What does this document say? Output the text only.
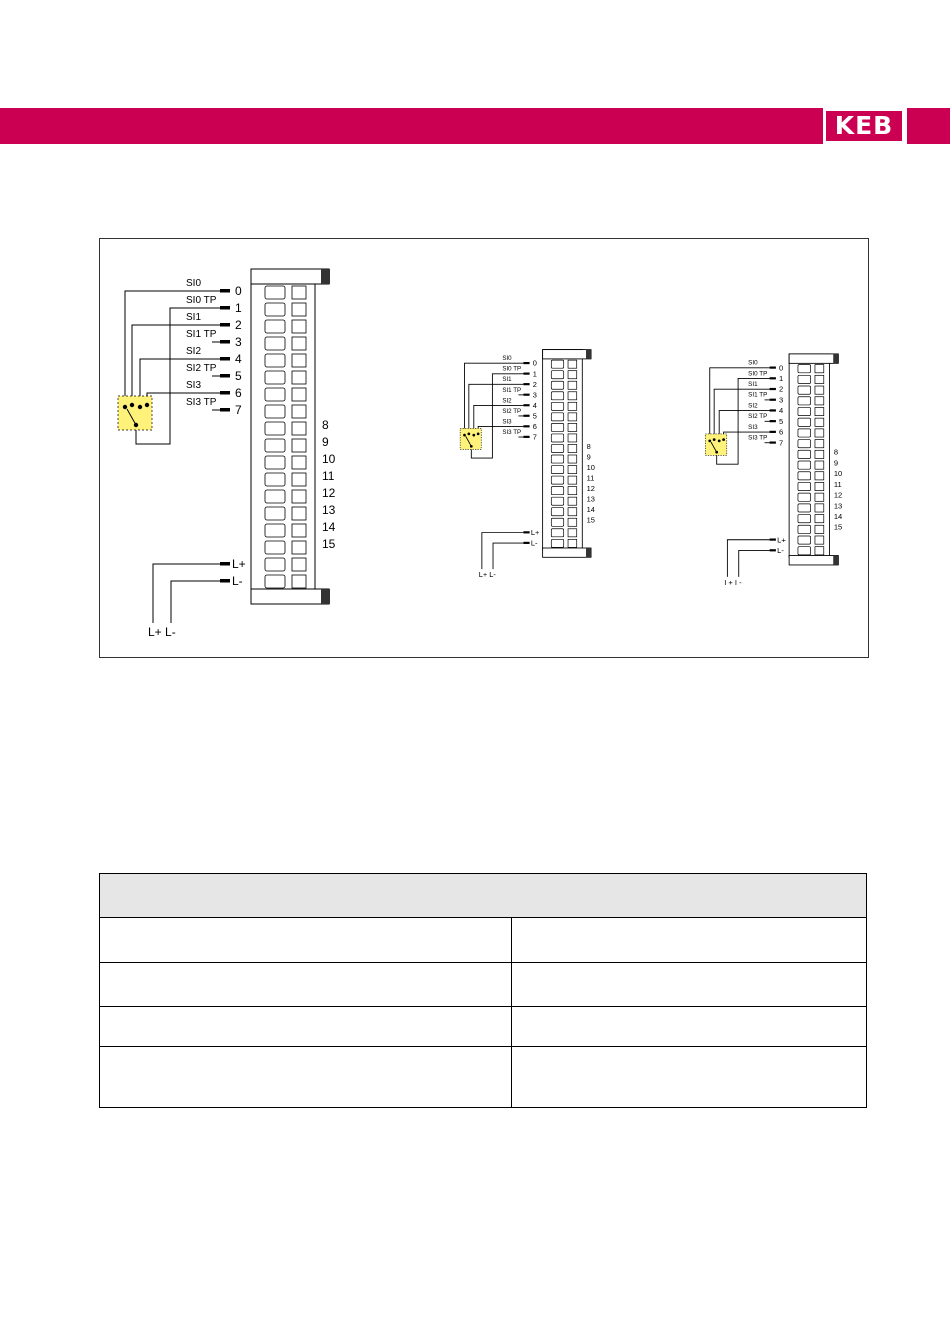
KEB
0
SI0
1
SI0 TP
2
SI1
3
SI1 TP
4
SI2
5
SI2 TP
6
SI3
7
SI3 TP
8
9
10
11
12
13
14
15
L+
L-
L+ L-
0
SI0
1
SI0 TP
2
SI1
3
SI1 TP
4
SI2
5
SI2 TP
6
SI3
7
SI3 TP
8
9
10
11
12
13
14
15
L+
L-
L+ L-
0
SI0
1
SI0 TP
2
SI1
3
SI1 TP
4
SI2
5
SI2 TP
6
SI3
7
SI3 TP
8
9
10
11
12
13
14
15
L+
L-
I + I -
